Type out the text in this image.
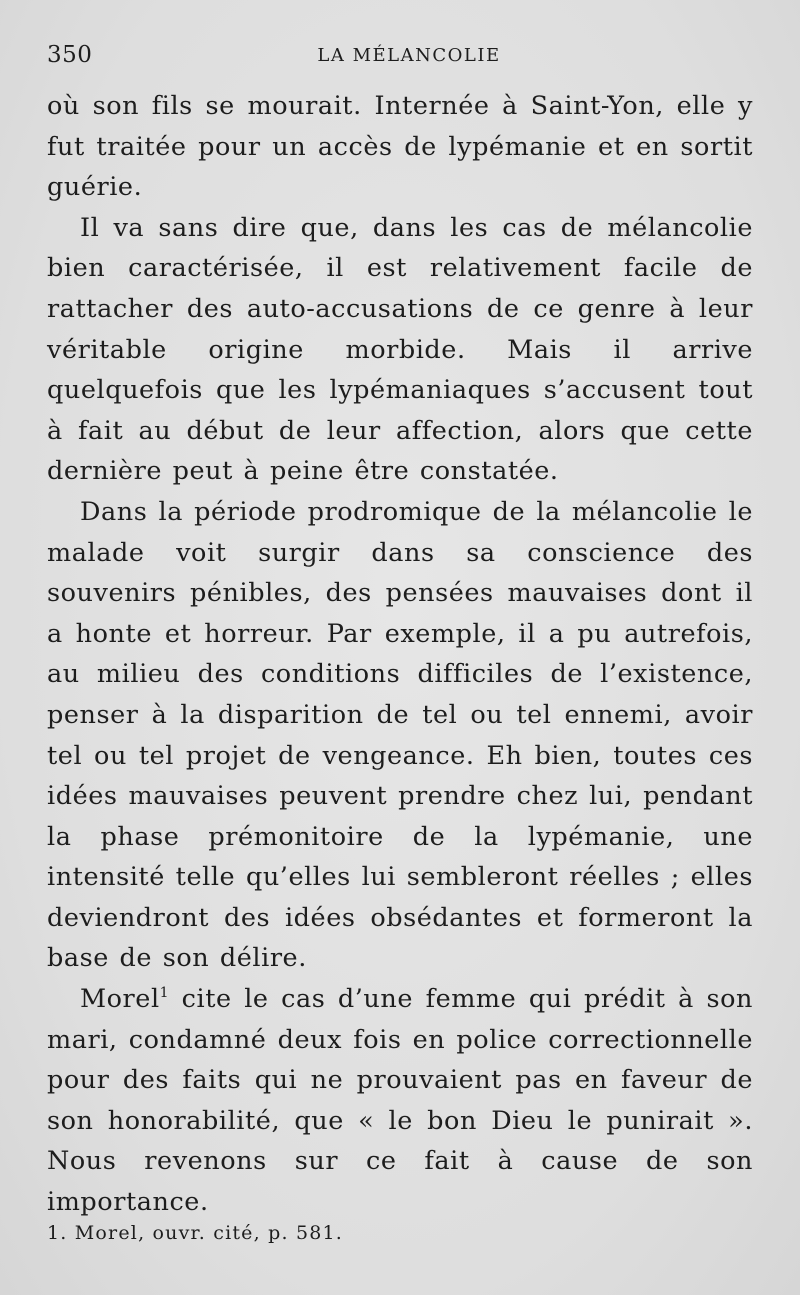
350	LA MÉLANCOLIE

où son fils se mourait. Internée à Saint-Yon, elle y fut traitée pour un accès de lypémanie et en sortit guérie.

Il va sans dire que, dans les cas de mélancolie bien caractérisée, il est relativement facile de rattacher des auto-accusations de ce genre à leur véritable origine morbide. Mais il arrive quelquefois que les lypémaniaques s’accusent tout à fait au début de leur affection, alors que cette dernière peut à peine être constatée.

Dans la période prodromique de la mélancolie le malade voit surgir dans sa conscience des souvenirs pénibles, des pensées mauvaises dont il a honte et horreur. Par exemple, il a pu autrefois, au milieu des conditions difficiles de l’existence, penser à la disparition de tel ou tel ennemi, avoir tel ou tel projet de vengeance. Eh bien, toutes ces idées mauvaises peuvent prendre chez lui, pendant la phase prémonitoire de la lypémanie, une intensité telle qu’elles lui sembleront réelles ; elles deviendront des idées obsédantes et formeront la base de son délire.

Morel$^1$ cite le cas d’une femme qui prédit à son mari, condamné deux fois en police correctionnelle pour des faits qui ne prouvaient pas en faveur de son honorabilité, que « le bon Dieu le punirait ». Nous revenons sur ce fait à cause de son importance.

1. Morel, ouvr. cité, p. 581.
